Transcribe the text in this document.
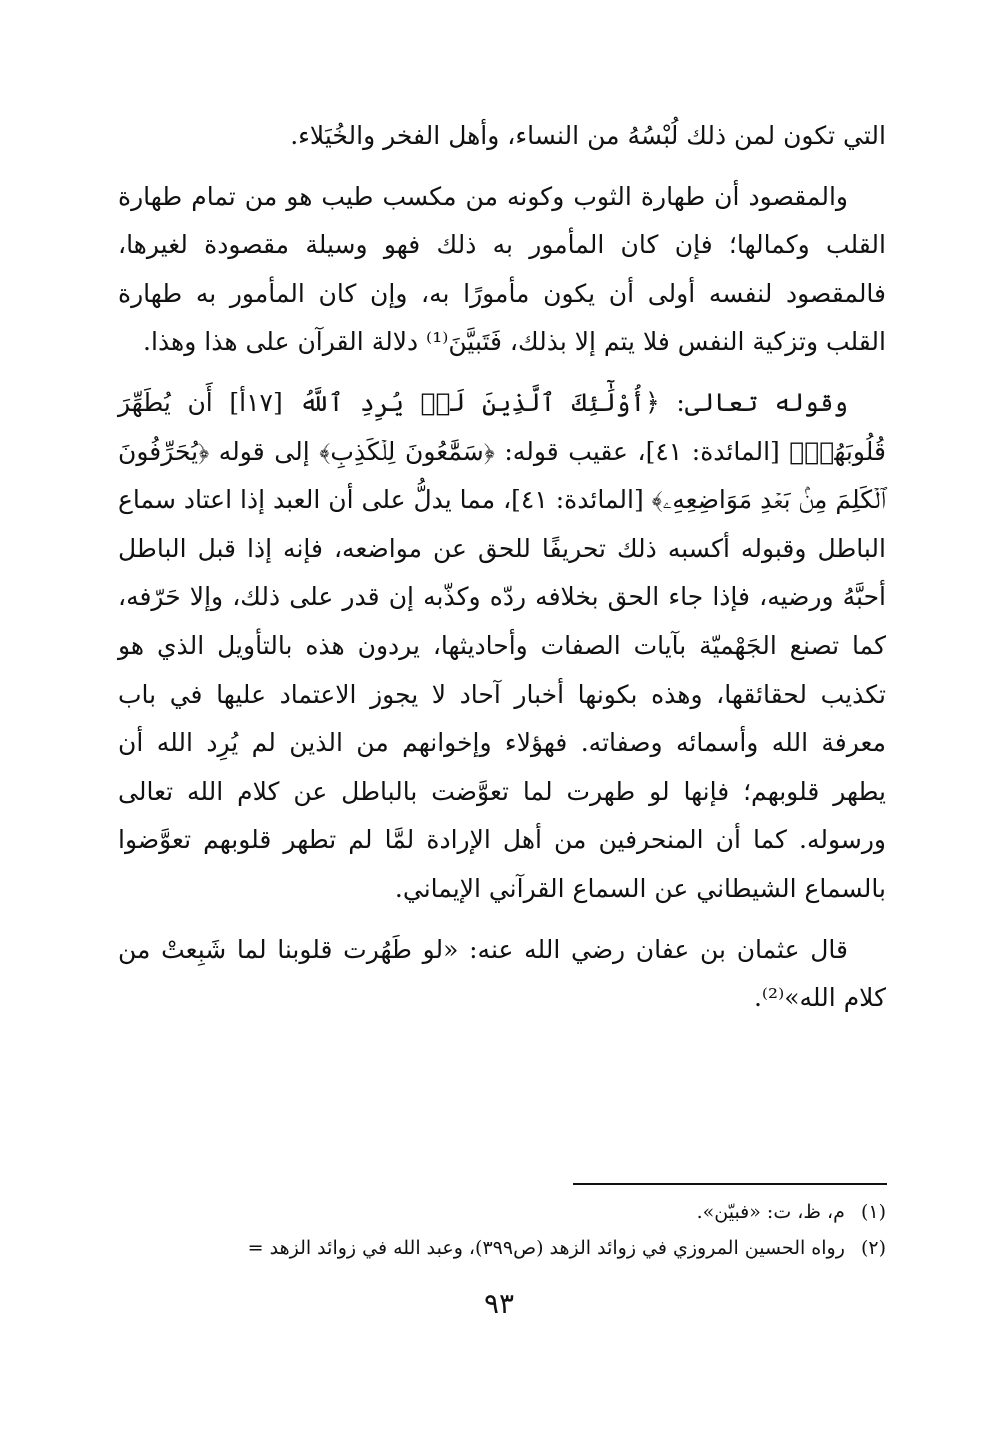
التي تكون لمن ذلك لُبْسُهُ من النساء، وأهل الفخر والخُيَلاء.

والمقصود أن طهارة الثوب وكونه من مكسب طيب هو من تمام طهارة القلب وكمالها؛ فإن كان المأمور به ذلك فهو وسيلة مقصودة لغيرها، فالمقصود لنفسه أولى أن يكون مأمورًا به، وإن كان المأمور به طهارة القلب وتزكية النفس فلا يتم إلا بذلك، فَتَبيَّنَ⁽¹⁾ دلالة القرآن على هذا وهذا.

وقوله تعالى: ﴿أُوْلَٰٓئِكَ ٱلَّذِينَ لَمۡ يُرِدِ ٱللَّهُ [١٧أ] أَن يُطَهِّرَ قُلُوبَهُمۡ﴾ [المائدة: ٤١]، عقيب قوله: ﴿سَمَّٰعُونَ لِلۡكَذِبِ﴾ إلى قوله ﴿يُحَرِّفُونَ ٱلۡكَلِمَ مِنۢ بَعۡدِ مَوَاضِعِهِۦ﴾ [المائدة: ٤١]، مما يدلُّ على أن العبد إذا اعتاد سماع الباطل وقبوله أكسبه ذلك تحريفًا للحق عن مواضعه، فإنه إذا قبل الباطل أحبَّهُ ورضيه، فإذا جاء الحق بخلافه ردّه وكذّبه إن قدر على ذلك، وإلا حَرّفه، كما تصنع الجَهْميّة بآيات الصفات وأحاديثها، يردون هذه بالتأويل الذي هو تكذيب لحقائقها، وهذه بكونها أخبار آحاد لا يجوز الاعتماد عليها في باب معرفة الله وأسمائه وصفاته. فهؤلاء وإخوانهم من الذين لم يُرِد الله أن يطهر قلوبهم؛ فإنها لو طهرت لما تعوَّضت بالباطل عن كلام الله تعالى ورسوله. كما أن المنحرفين من أهل الإرادة لمَّا لم تطهر قلوبهم تعوَّضوا بالسماع الشيطاني عن السماع القرآني الإيماني.

قال عثمان بن عفان رضي الله عنه: «لو طَهُرت قلوبنا لما شَبِعتْ من كلام الله»⁽²⁾.

(١) م، ظ، ت: «فبيّن».

(٢) رواه الحسين المروزي في زوائد الزهد (ص٣٩٩)، وعبد الله في زوائد الزهد =

٩٣
